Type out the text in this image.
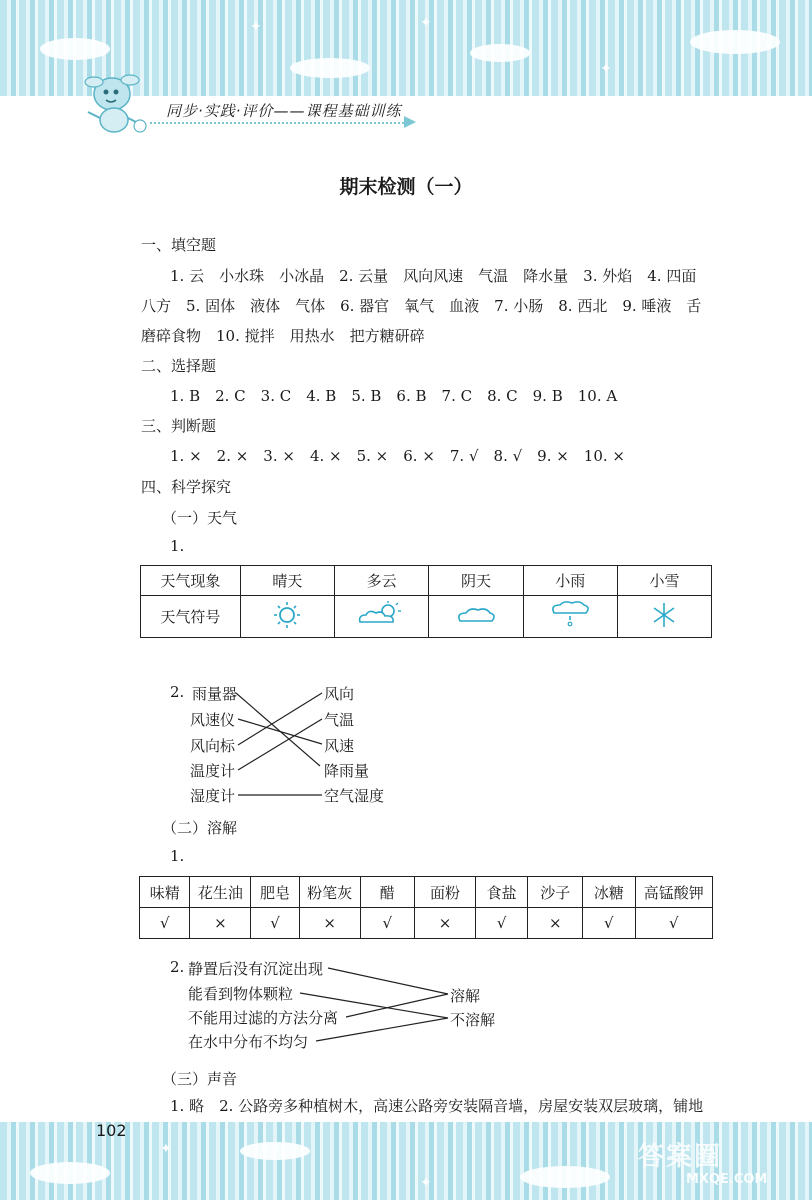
✦
✦
✦
同步·实践·评价——课程基础训练
期末检测（一）
一、填空题
1. 云　小水珠　小冰晶　2. 云量　风向风速　气温　降水量　3. 外焰　4. 四面
八方　5. 固体　液体　气体　6. 器官　氧气　血液　7. 小肠　8. 西北　9. 唾液　舌
磨碎食物　10. 搅拌　用热水　把方糖研碎
二、选择题
1. B　2. C　3. C　4. B　5. B　6. B　7. C　8. C　9. B　10. A
三、判断题
1. ×　2. ×　3. ×　4. ×　5. ×　6. ×　7. √　8. √　9. ×　10. ×
四、科学探究
（一）天气
1.
天气现象	晴天	多云	阴天	小雨	小雪
天气符号					
2. 雨量器
风速仪
风向标
温度计
湿度计
风向
气温
风速
降雨量
空气湿度
（二）溶解
1.
味精	花生油	肥皂	粉笔灰	醋	面粉	食盐	沙子	冰糖	高锰酸钾
√	×	√	×	√	×	√	×	√	√
2. 静置后没有沉淀出现
能看到物体颗粒
不能用过滤的方法分离
在水中分布不均匀
溶解
不溶解
（三）声音
1. 略　2. 公路旁多种植树木，高速公路旁安装隔音墙，房屋安装双层玻璃，铺地
✦
✦
102
答案圈
MXQE.COM
